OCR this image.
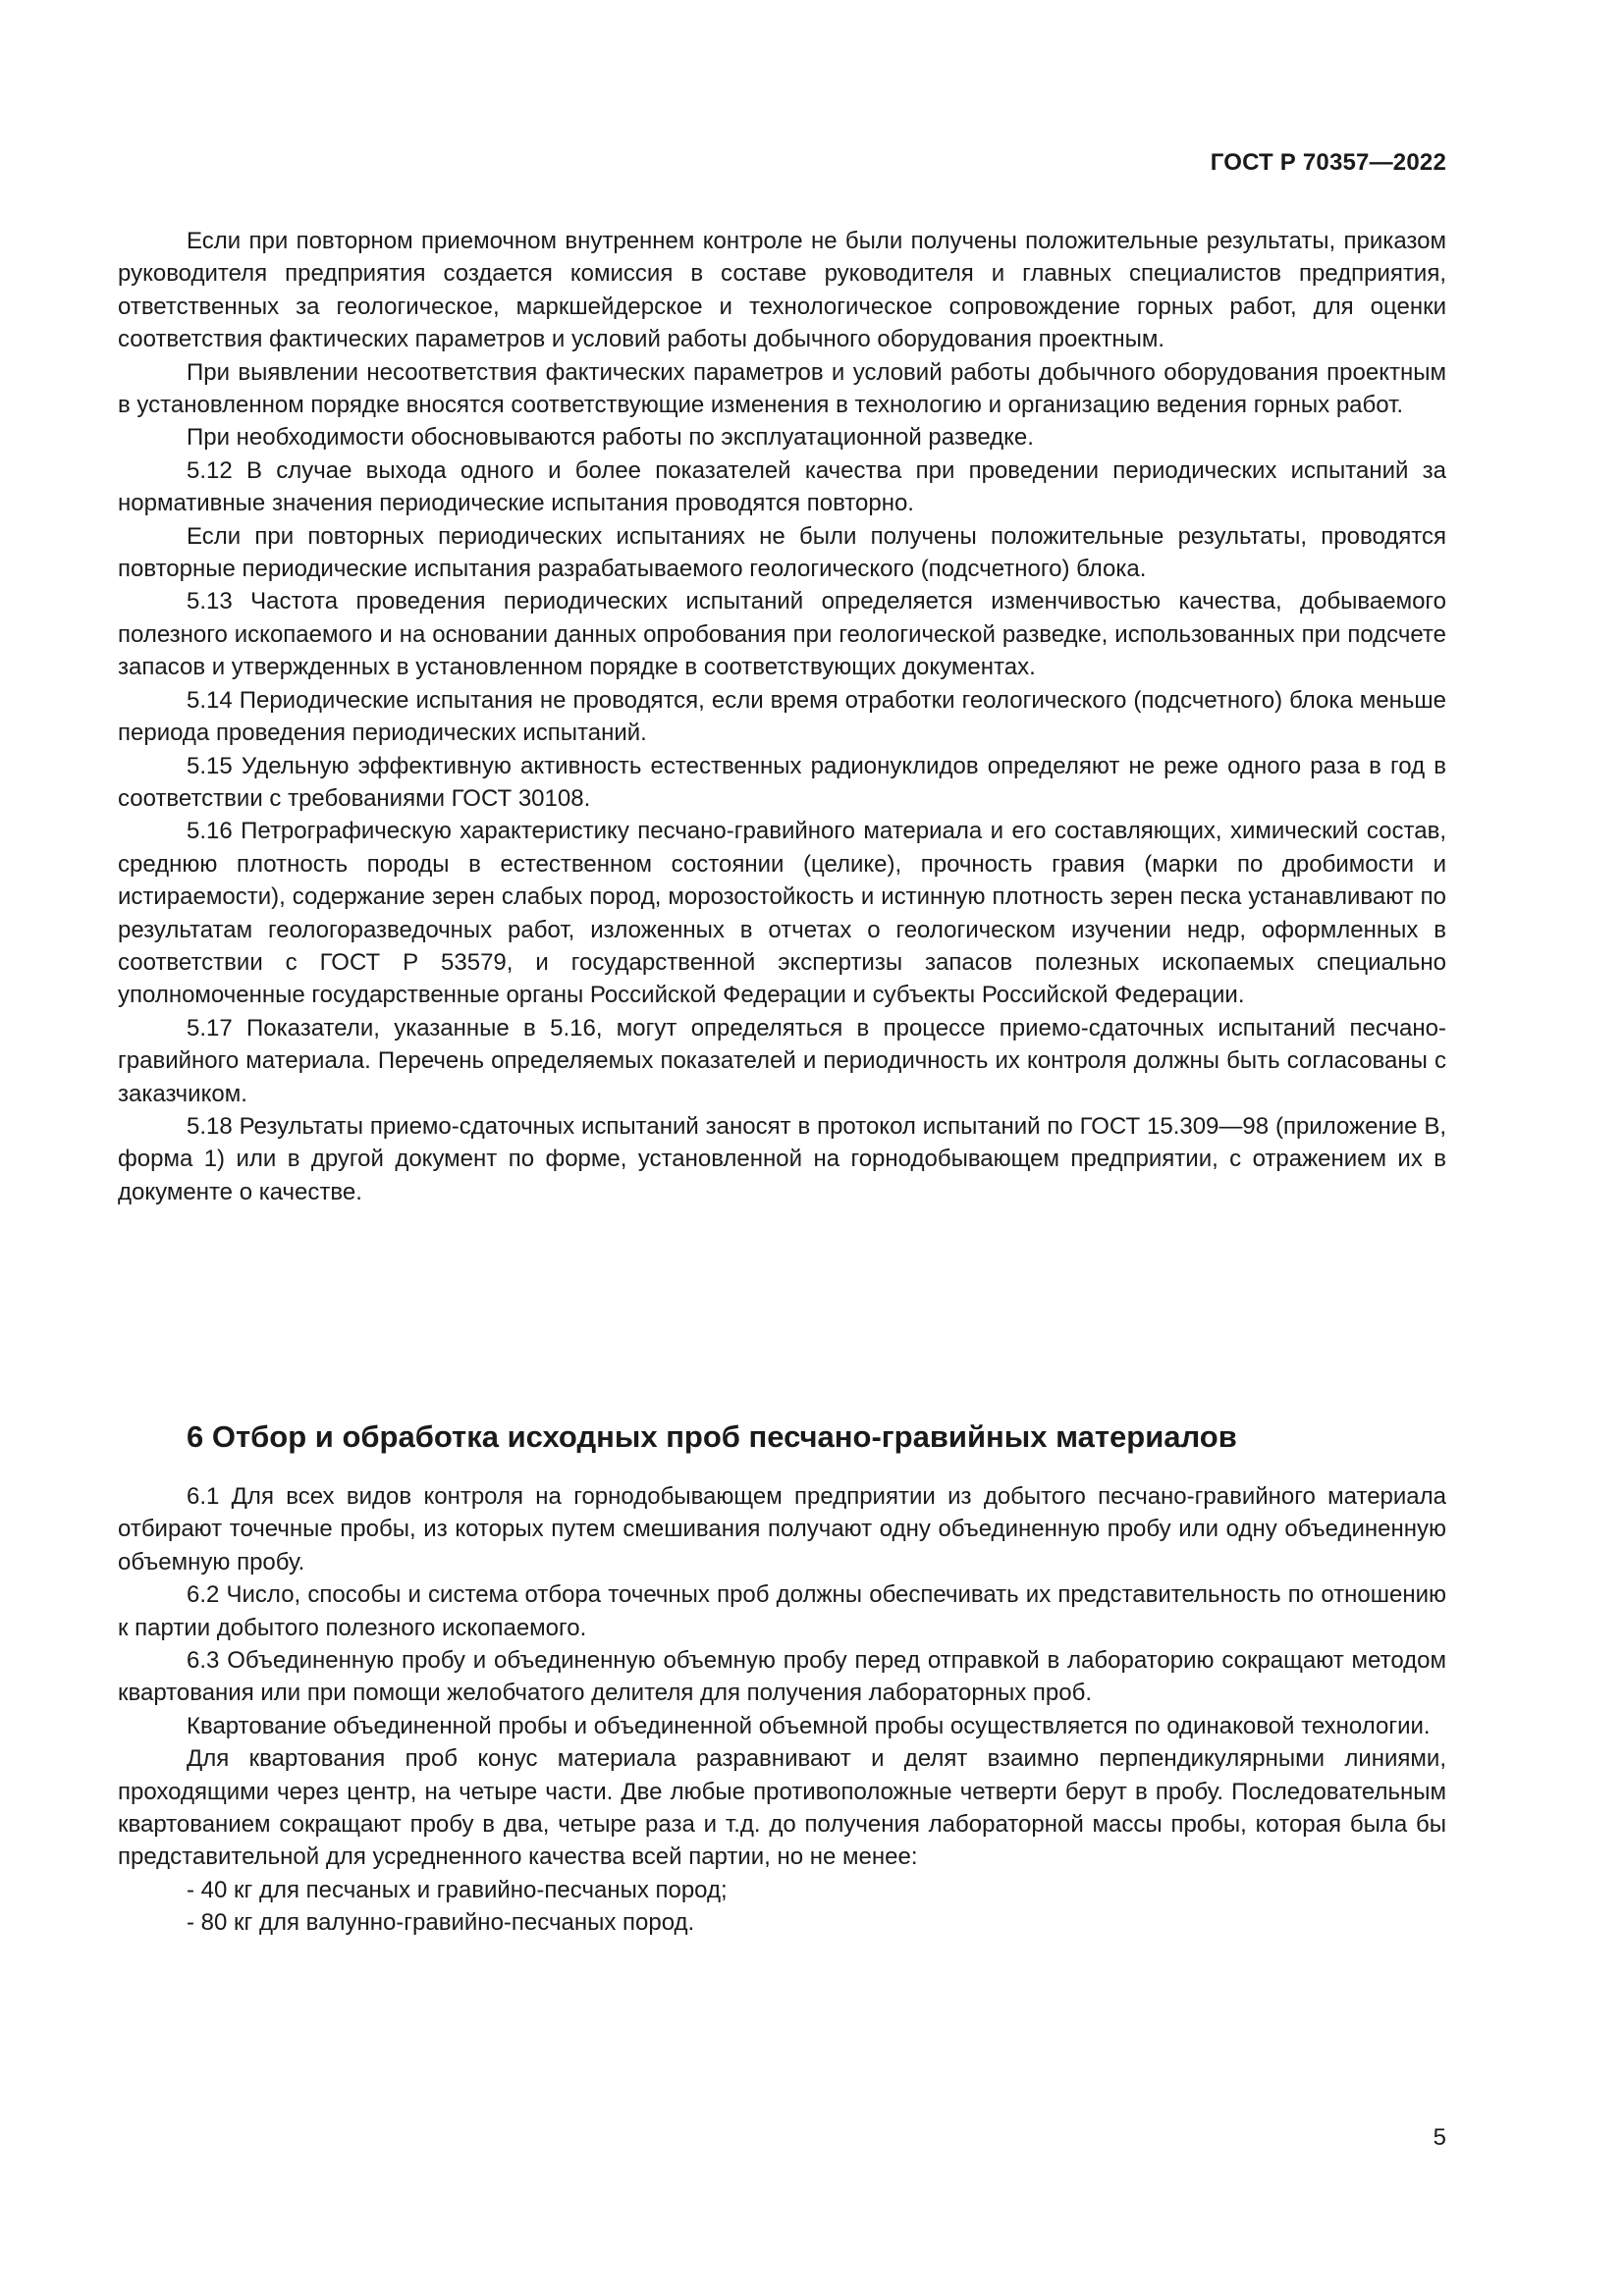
ГОСТ Р 70357—2022

Если при повторном приемочном внутреннем контроле не были получены положительные результаты, приказом руководителя предприятия создается комиссия в составе руководителя и главных специалистов предприятия, ответственных за геологическое, маркшейдерское и технологическое сопровождение горных работ, для оценки соответствия фактических параметров и условий работы добычного оборудования проектным.

При выявлении несоответствия фактических параметров и условий работы добычного оборудования проектным в установленном порядке вносятся соответствующие изменения в технологию и организацию ведения горных работ.

При необходимости обосновываются работы по эксплуатационной разведке.

5.12 В случае выхода одного и более показателей качества при проведении периодических испытаний за нормативные значения периодические испытания проводятся повторно.

Если при повторных периодических испытаниях не были получены положительные результаты, проводятся повторные периодические испытания разрабатываемого геологического (подсчетного) блока.

5.13 Частота проведения периодических испытаний определяется изменчивостью качества, добываемого полезного ископаемого и на основании данных опробования при геологической разведке, использованных при подсчете запасов и утвержденных в установленном порядке в соответствующих документах.

5.14 Периодические испытания не проводятся, если время отработки геологического (подсчетного) блока меньше периода проведения периодических испытаний.

5.15 Удельную эффективную активность естественных радионуклидов определяют не реже одного раза в год в соответствии с требованиями ГОСТ 30108.

5.16 Петрографическую характеристику песчано-гравийного материала и его составляющих, химический состав, среднюю плотность породы в естественном состоянии (целике), прочность гравия (марки по дробимости и истираемости), содержание зерен слабых пород, морозостойкость и истинную плотность зерен песка устанавливают по результатам геологоразведочных работ, изложенных в отчетах о геологическом изучении недр, оформленных в соответствии с ГОСТ Р 53579, и государственной экспертизы запасов полезных ископаемых специально уполномоченные государственные органы Российской Федерации и субъекты Российской Федерации.

5.17 Показатели, указанные в 5.16, могут определяться в процессе приемо-сдаточных испытаний песчано-гравийного материала. Перечень определяемых показателей и периодичность их контроля должны быть согласованы с заказчиком.

5.18 Результаты приемо-сдаточных испытаний заносят в протокол испытаний по ГОСТ 15.309—98 (приложение В, форма 1) или в другой документ по форме, установленной на горнодобывающем предприятии, с отражением их в документе о качестве.

6 Отбор и обработка исходных проб песчано-гравийных материалов

6.1 Для всех видов контроля на горнодобывающем предприятии из добытого песчано-гравийного материала отбирают точечные пробы, из которых путем смешивания получают одну объединенную пробу или одну объединенную объемную пробу.

6.2 Число, способы и система отбора точечных проб должны обеспечивать их представительность по отношению к партии добытого полезного ископаемого.

6.3 Объединенную пробу и объединенную объемную пробу перед отправкой в лабораторию сокращают методом квартования или при помощи желобчатого делителя для получения лабораторных проб.

Квартование объединенной пробы и объединенной объемной пробы осуществляется по одинаковой технологии.

Для квартования проб конус материала разравнивают и делят взаимно перпендикулярными линиями, проходящими через центр, на четыре части. Две любые противоположные четверти берут в пробу. Последовательным квартованием сокращают пробу в два, четыре раза и т.д. до получения лабораторной массы пробы, которая была бы представительной для усредненного качества всей партии, но не менее:

- 40 кг для песчаных и гравийно-песчаных пород;

- 80 кг для валунно-гравийно-песчаных пород.

5
